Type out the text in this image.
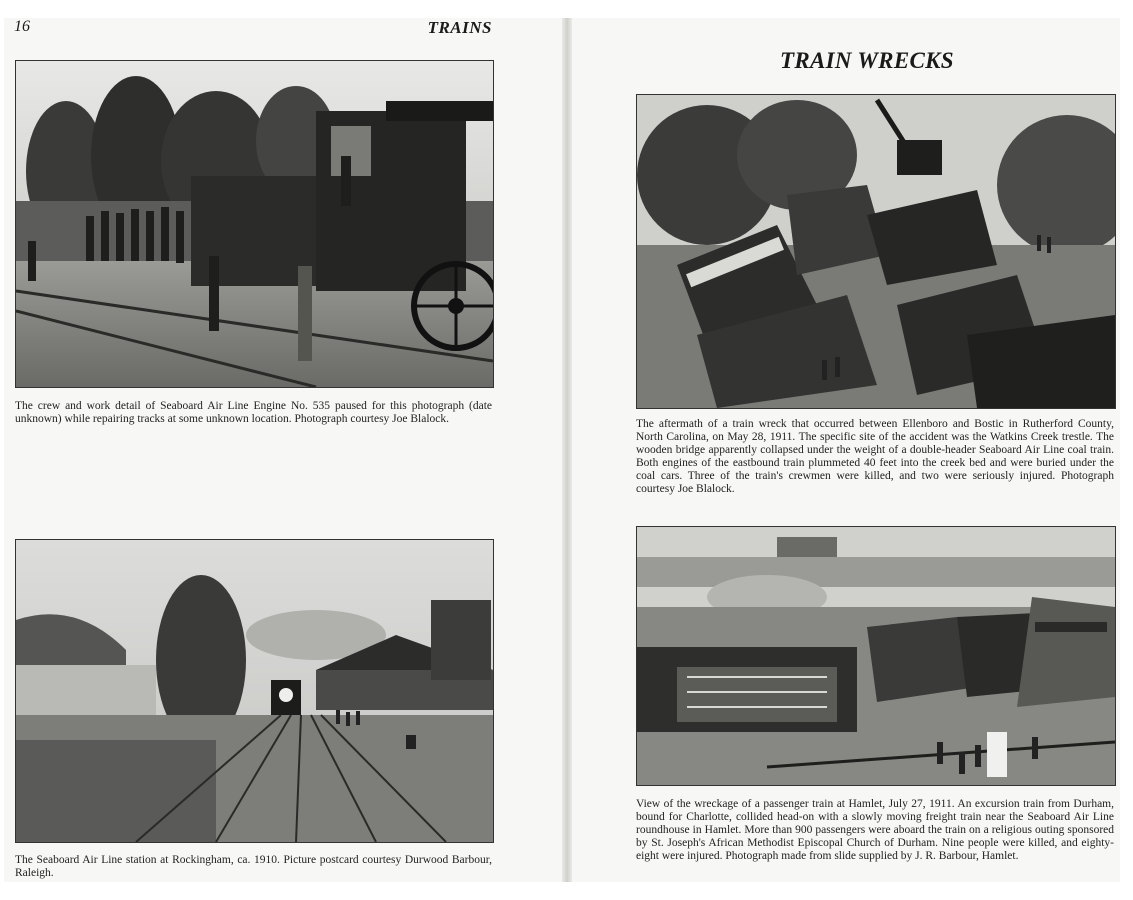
16	TRAINS

The crew and work detail of Seaboard Air Line Engine No. 535 paused for this photograph (date unknown) while repairing tracks at some unknown location. Photograph courtesy Joe Blalock.

The Seaboard Air Line station at Rockingham, ca. 1910. Picture postcard courtesy Durwood Barbour, Raleigh.

TRAIN WRECKS

The aftermath of a train wreck that occurred between Ellenboro and Bostic in Rutherford County, North Carolina, on May 28, 1911. The specific site of the accident was the Watkins Creek trestle. The wooden bridge apparently collapsed under the weight of a double-header Seaboard Air Line coal train. Both engines of the eastbound train plummeted 40 feet into the creek bed and were buried under the coal cars. Three of the train's crewmen were killed, and two were seriously injured. Photograph courtesy Joe Blalock.

View of the wreckage of a passenger train at Hamlet, July 27, 1911. An excursion train from Durham, bound for Charlotte, collided head-on with a slowly moving freight train near the Seaboard Air Line roundhouse in Hamlet. More than 900 passengers were aboard the train on a religious outing sponsored by St. Joseph's African Methodist Episcopal Church of Durham. Nine people were killed, and eighty-eight were injured. Photograph made from slide supplied by J. R. Barbour, Hamlet.
